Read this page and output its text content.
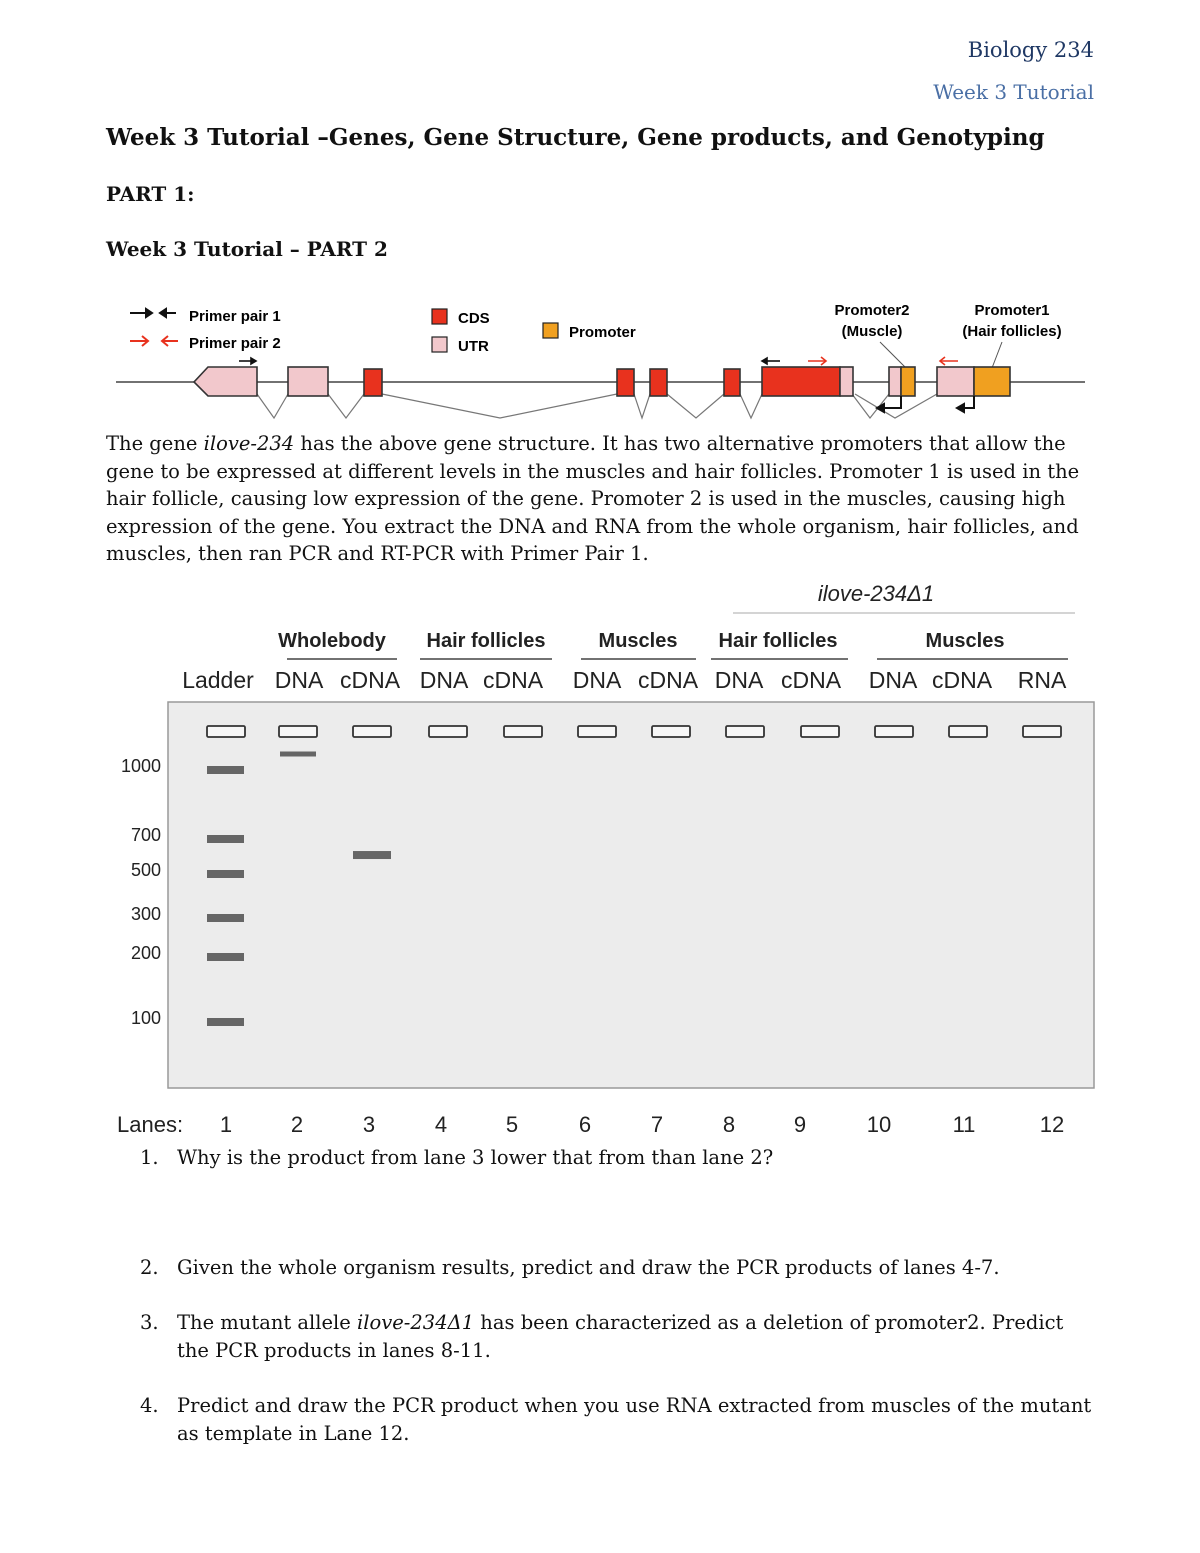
Biology 234
Week 3 Tutorial
Week 3 Tutorial –Genes, Gene Structure, Gene products, and Genotyping
PART 1:
Week 3 Tutorial – PART 2
Primer pair 1
Primer pair 2
CDS
UTR
Promoter
Promoter2
(Muscle)
Promoter1
(Hair follicles)
The gene ilove-234 has the above gene structure. It has two alternative promoters that allow the gene to be expressed at different levels in the muscles and hair follicles. Promoter 1 is used in the hair follicle, causing low expression of the gene. Promoter 2 is used in the muscles, causing high expression of the gene. You extract the DNA and RNA from the whole organism, hair follicles, and muscles, then ran PCR and RT-PCR with Primer Pair 1.
ilove-234Δ1
Wholebody Hair follicles	Muscles Hair follicles	Muscles
Ladder DNA cDNA DNA cDNA DNA cDNA DNA cDNA DNA cDNA RNA
1000
700
500
300
200
100
Lanes: 1	2	3	4	5	6	7	8	9	10	11	12
1. Why is the product from lane 3 lower that from than lane 2?
2. Given the whole organism results, predict and draw the PCR products of lanes 4-7.
3. The mutant allele ilove-234Δ1 has been characterized as a deletion of promoter2. Predict the PCR products in lanes 8-11.
4. Predict and draw the PCR product when you use RNA extracted from muscles of the mutant as template in Lane 12.
